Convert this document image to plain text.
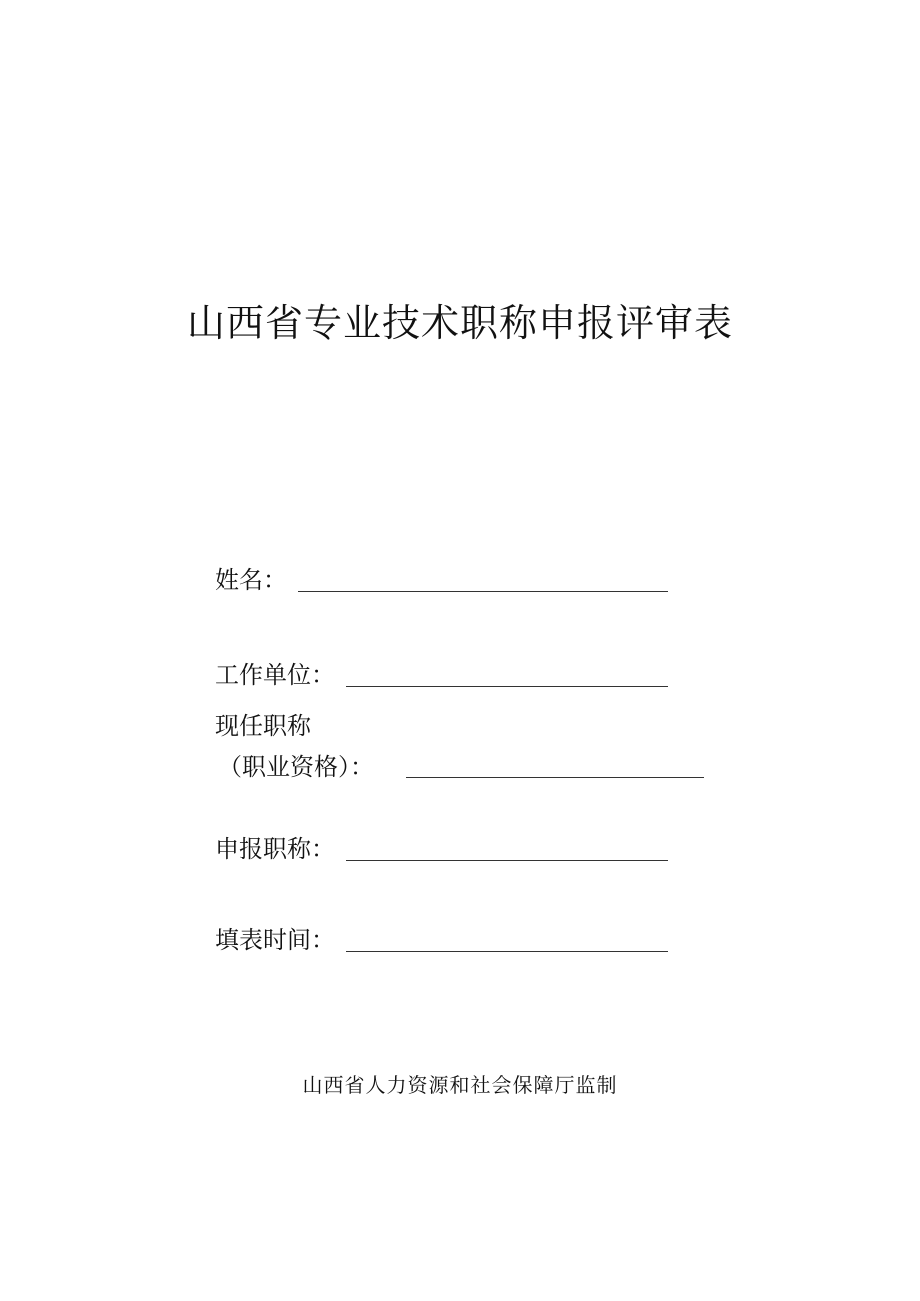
山西省专业技术职称申报评审表
姓名：
工作单位：
现任职称
（职业资格）：
申报职称：
填表时间：
山西省人力资源和社会保障厅监制
